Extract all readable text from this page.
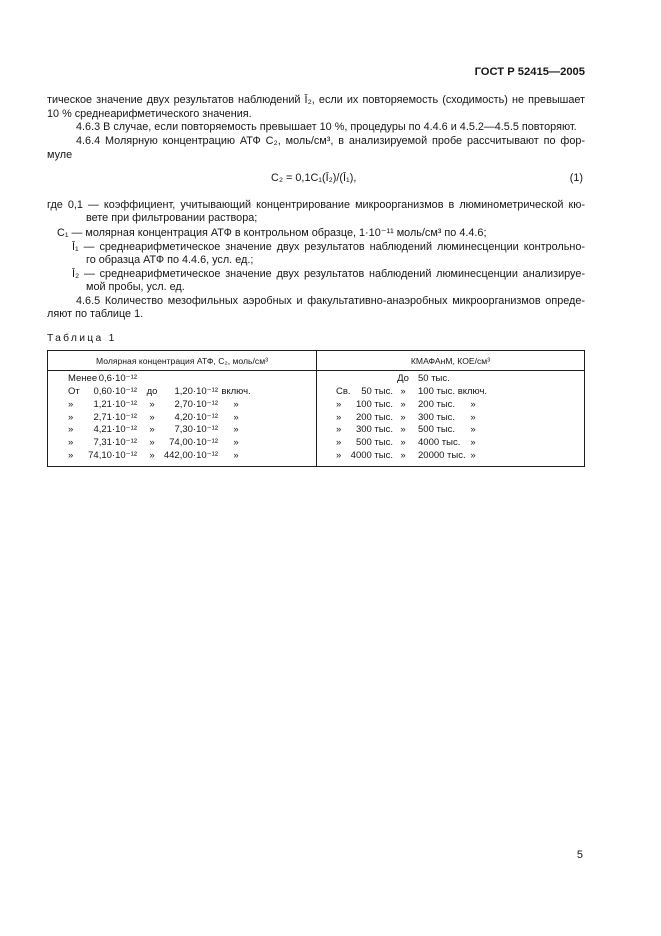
ГОСТ Р 52415—2005
тическое значение двух результатов наблюдений Ī₂, если их повторяемость (сходимость) не превышает
10 % среднеарифметического значения.
4.6.3 В случае, если повторяемость превышает 10 %, процедуры по 4.4.6 и 4.5.2—4.5.5 повторяют.
4.6.4 Молярную концентрацию АТФ C₂, моль/см³, в анализируемой пробе рассчитывают по фор-
муле
C₂ = 0,1C₁(Ī₂)/(Ī₁),	(1)
где 0,1 — коэффициент, учитывающий концентрирование микроорганизмов в люминометрической кю-
вете при фильтровании раствора;
C₁ — молярная концентрация АТФ в контрольном образце, 1·10⁻¹¹ моль/см³ по 4.4.6;
Ī₁ — среднеарифметическое значение двух результатов наблюдений люминесценции контрольно-
го образца АТФ по 4.4.6, усл. ед.;
Ī₂ — среднеарифметическое значение двух результатов наблюдений люминесценции анализируе-
мой пробы, усл. ед.
4.6.5 Количество мезофильных аэробных и факультативно-анаэробных микроорганизмов опреде-
ляют по таблице 1.
Таблица 1
Молярная концентрация АТФ, C₂, моль/см³	КМАФАнМ, КОЕ/см³
Менее 0,6·10⁻¹²	До 50 тыс.
От	0,60·10⁻¹²	до	1,20·10⁻¹² включ.	Св.	50 тыс. »	100 тыс. включ.
»	1,21·10⁻¹²	»	2,70·10⁻¹²	»	»	100 тыс. »	200 тыс.	»
»	2,71·10⁻¹²	»	4,20·10⁻¹²	»	»	200 тыс. »	300 тыс.	»
»	4,21·10⁻¹²	»	7,30·10⁻¹²	»	»	300 тыс. »	500 тыс.	»
»	7,31·10⁻¹²	»	74,00·10⁻¹²	»	»	500 тыс. »	4000 тыс.	»
» 74,10·10⁻¹²	» 442,00·10⁻¹²	»	» 4000 тыс. »	20000 тыс. »
5
